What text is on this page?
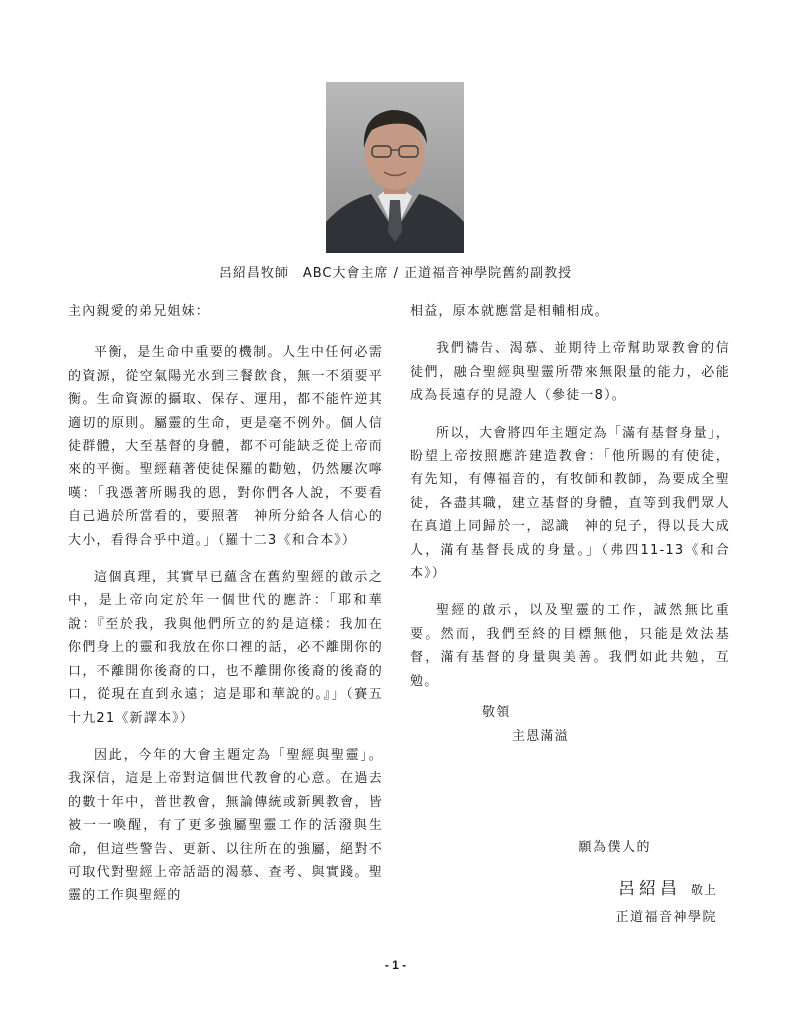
呂紹昌牧師　ABC大會主席 / 正道福音神學院舊約副教授

主內親愛的弟兄姐妹：

平衡，是生命中重要的機制。人生中任何必需的資源，從空氣陽光水到三餐飲食，無一不須要平衡。生命資源的攝取、保存、運用，都不能忤逆其適切的原則。屬靈的生命，更是毫不例外。個人信徒群體，大至基督的身體，都不可能缺乏從上帝而來的平衡。聖經藉著使徒保羅的勸勉，仍然屢次嚀嘆：「我憑著所賜我的恩，對你們各人說，不要看自己過於所當看的，要照著　神所分給各人信心的大小，看得合乎中道。」（羅十二3《和合本》）

這個真理，其實早已蘊含在舊約聖經的啟示之中，是上帝向定於年一個世代的應許：「耶和華說：『至於我，我與他們所立的約是這樣：我加在你們身上的靈和我放在你口裡的話，必不離開你的口，不離開你後裔的口，也不離開你後裔的後裔的口，從現在直到永遠；這是耶和華說的。』」（賽五十九21《新譯本》）

因此，今年的大會主題定為「聖經與聖靈」。我深信，這是上帝對這個世代教會的心意。在過去的數十年中，普世教會，無論傳統或新興教會，皆被一一喚醒，有了更多強屬聖靈工作的活潑與生命，但這些警告、更新、以往所在的強屬，絕對不可取代對聖經上帝話語的渴慕、查考、與實踐。聖靈的工作與聖經的

相益，原本就應當是相輔相成。

我們禱告、渴慕、並期待上帝幫助眾教會的信徒們，融合聖經與聖靈所帶來無限量的能力，必能成為長遠存的見證人（參徒一8）。

所以，大會將四年主題定為「滿有基督身量」，盼望上帝按照應許建造教會：「他所賜的有使徒，有先知，有傳福音的，有牧師和教師，為要成全聖徒，各盡其職，建立基督的身體，直等到我們眾人在真道上同歸於一，認識　神的兒子，得以長大成人，滿有基督長成的身量。」（弗四11-13《和合本》）

聖經的啟示，以及聖靈的工作，誠然無比重要。然而，我們至終的目標無他，只能是效法基督，滿有基督的身量與美善。我們如此共勉，互勉。

敬領

主恩滿溢

願為僕人的
呂紹昌 敬上
正道福音神學院
- 1 -
